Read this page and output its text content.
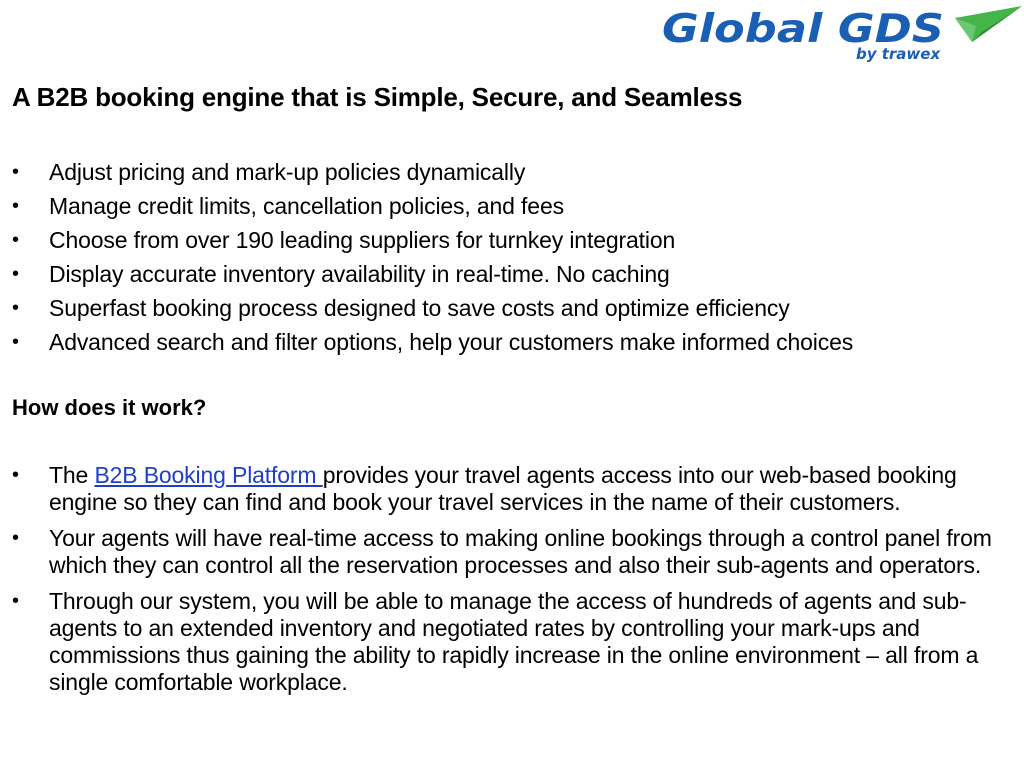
Global GDS
by trawex
A B2B booking engine that is Simple, Secure, and Seamless
• Adjust pricing and mark-up policies dynamically
• Manage credit limits, cancellation policies, and fees
• Choose from over 190 leading suppliers for turnkey integration
• Display accurate inventory availability in real-time. No caching
• Superfast booking process designed to save costs and optimize efficiency
• Advanced search and filter options, help your customers make informed choices
How does it work?
• The B2B Booking Platform provides your travel agents access into our web-based booking engine so they can find and book your travel services in the name of their customers.
• Your agents will have real-time access to making online bookings through a control panel from which they can control all the reservation processes and also their sub-agents and operators.
• Through our system, you will be able to manage the access of hundreds of agents and sub-agents to an extended inventory and negotiated rates by controlling your mark-ups and commissions thus gaining the ability to rapidly increase in the online environment – all from a single comfortable workplace.
